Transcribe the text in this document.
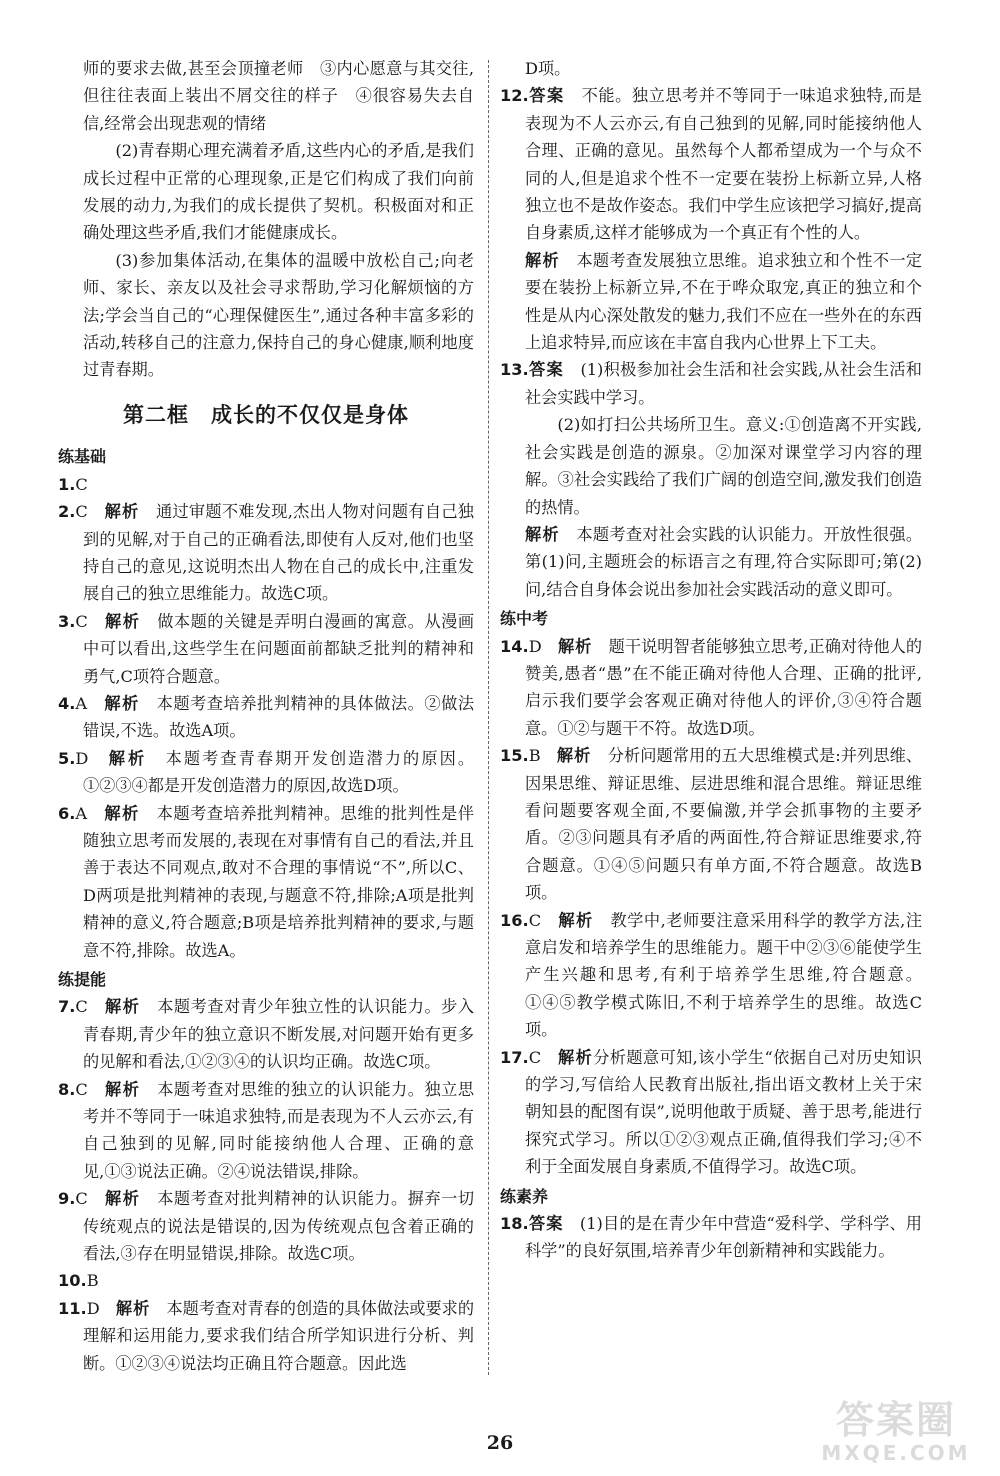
师的要求去做,甚至会顶撞老师　③内心愿意与其交往,但往往表面上装出不屑交往的样子　④很容易失去自信,经常会出现悲观的情绪

(2)青春期心理充满着矛盾,这些内心的矛盾,是我们成长过程中正常的心理现象,正是它们构成了我们向前发展的动力,为我们的成长提供了契机。积极面对和正确处理这些矛盾,我们才能健康成长。

(3)参加集体活动,在集体的温暖中放松自己;向老师、家长、亲友以及社会寻求帮助,学习化解烦恼的方法;学会当自己的“心理保健医生”,通过各种丰富多彩的活动,转移自己的注意力,保持自己的身心健康,顺利地度过青春期。

第二框　成长的不仅仅是身体
练基础

1.C

2.C　 解析　 通过审题不难发现,杰出人物对问题有自己独到的见解,对于自己的正确看法,即使有人反对,他们也坚持自己的意见,这说明杰出人物在自己的成长中,注重发展自己的独立思维能力。故选C项。

3.C　 解析　 做本题的关键是弄明白漫画的寓意。从漫画中可以看出,这些学生在问题面前都缺乏批判的精神和勇气,C项符合题意。

4.A　 解析　 本题考查培养批判精神的具体做法。②做法错误,不选。故选A项。

5.D　 解析　 本题考查青春期开发创造潜力的原因。①②③④都是开发创造潜力的原因,故选D项。

6.A　 解析　 本题考查培养批判精神。思维的批判性是伴随独立思考而发展的,表现在对事情有自己的看法,并且善于表达不同观点,敢对不合理的事情说“不”,所以C、D两项是批判精神的表现,与题意不符,排除;A项是批判精神的意义,符合题意;B项是培养批判精神的要求,与题意不符,排除。故选A。

练提能

7.C　 解析　 本题考查对青少年独立性的认识能力。步入青春期,青少年的独立意识不断发展,对问题开始有更多的见解和看法,①②③④的认识均正确。故选C项。

8.C　 解析　 本题考查对思维的独立的认识能力。独立思考并不等同于一味追求独特,而是表现为不人云亦云,有自己独到的见解,同时能接纳他人合理、正确的意见,①③说法正确。②④说法错误,排除。

9.C　 解析　 本题考查对批判精神的认识能力。摒弃一切传统观点的说法是错误的,因为传统观点包含着正确的看法,③存在明显错误,排除。故选C项。

10.B

11.D　 解析　 本题考查对青春的创造的具体做法或要求的理解和运用能力,要求我们结合所学知识进行分析、判断。①②③④说法均正确且符合题意。因此选

D项。

12.答案　 不能。独立思考并不等同于一味追求独特,而是表现为不人云亦云,有自己独到的见解,同时能接纳他人合理、正确的意见。虽然每个人都希望成为一个与众不同的人,但是追求个性不一定要在装扮上标新立异,人格独立也不是故作姿态。我们中学生应该把学习搞好,提高自身素质,这样才能够成为一个真正有个性的人。

解析　 本题考查发展独立思维。追求独立和个性不一定要在装扮上标新立异,不在于哗众取宠,真正的独立和个性是从内心深处散发的魅力,我们不应在一些外在的东西上追求特异,而应该在丰富自我内心世界上下工夫。

13.答案　 (1)积极参加社会生活和社会实践,从社会生活和社会实践中学习。

(2)如打扫公共场所卫生。意义:①创造离不开实践,社会实践是创造的源泉。②加深对课堂学习内容的理解。③社会实践给了我们广阔的创造空间,激发我们创造的热情。

解析　 本题考查对社会实践的认识能力。开放性很强。第(1)问,主题班会的标语言之有理,符合实际即可;第(2)问,结合自身体会说出参加社会实践活动的意义即可。

练中考

14.D　 解析　 题干说明智者能够独立思考,正确对待他人的赞美,愚者“愚”在不能正确对待他人合理、正确的批评,启示我们要学会客观正确对待他人的评价,③④符合题意。①②与题干不符。故选D项。

15.B　 解析　 分析问题常用的五大思维模式是:并列思维、因果思维、辩证思维、层进思维和混合思维。辩证思维看问题要客观全面,不要偏激,并学会抓事物的主要矛盾。②③问题具有矛盾的两面性,符合辩证思维要求,符合题意。①④⑤问题只有单方面,不符合题意。故选B项。

16.C　 解析　 教学中,老师要注意采用科学的教学方法,注意启发和培养学生的思维能力。题干中②③⑥能使学生产生兴趣和思考,有利于培养学生思维,符合题意。①④⑤教学模式陈旧,不利于培养学生的思维。故选C项。

17.C　 解析分析题意可知,该小学生“依据自己对历史知识的学习,写信给人民教育出版社,指出语文教材上关于宋朝知县的配图有误”,说明他敢于质疑、善于思考,能进行探究式学习。所以①②③观点正确,值得我们学习;④不利于全面发展自身素质,不值得学习。故选C项。

练素养

18.答案　 (1)目的是在青少年中营造“爱科学、学科学、用科学”的良好氛围,培养青少年创新精神和实践能力。

26
答案圈
MXQE.COM
